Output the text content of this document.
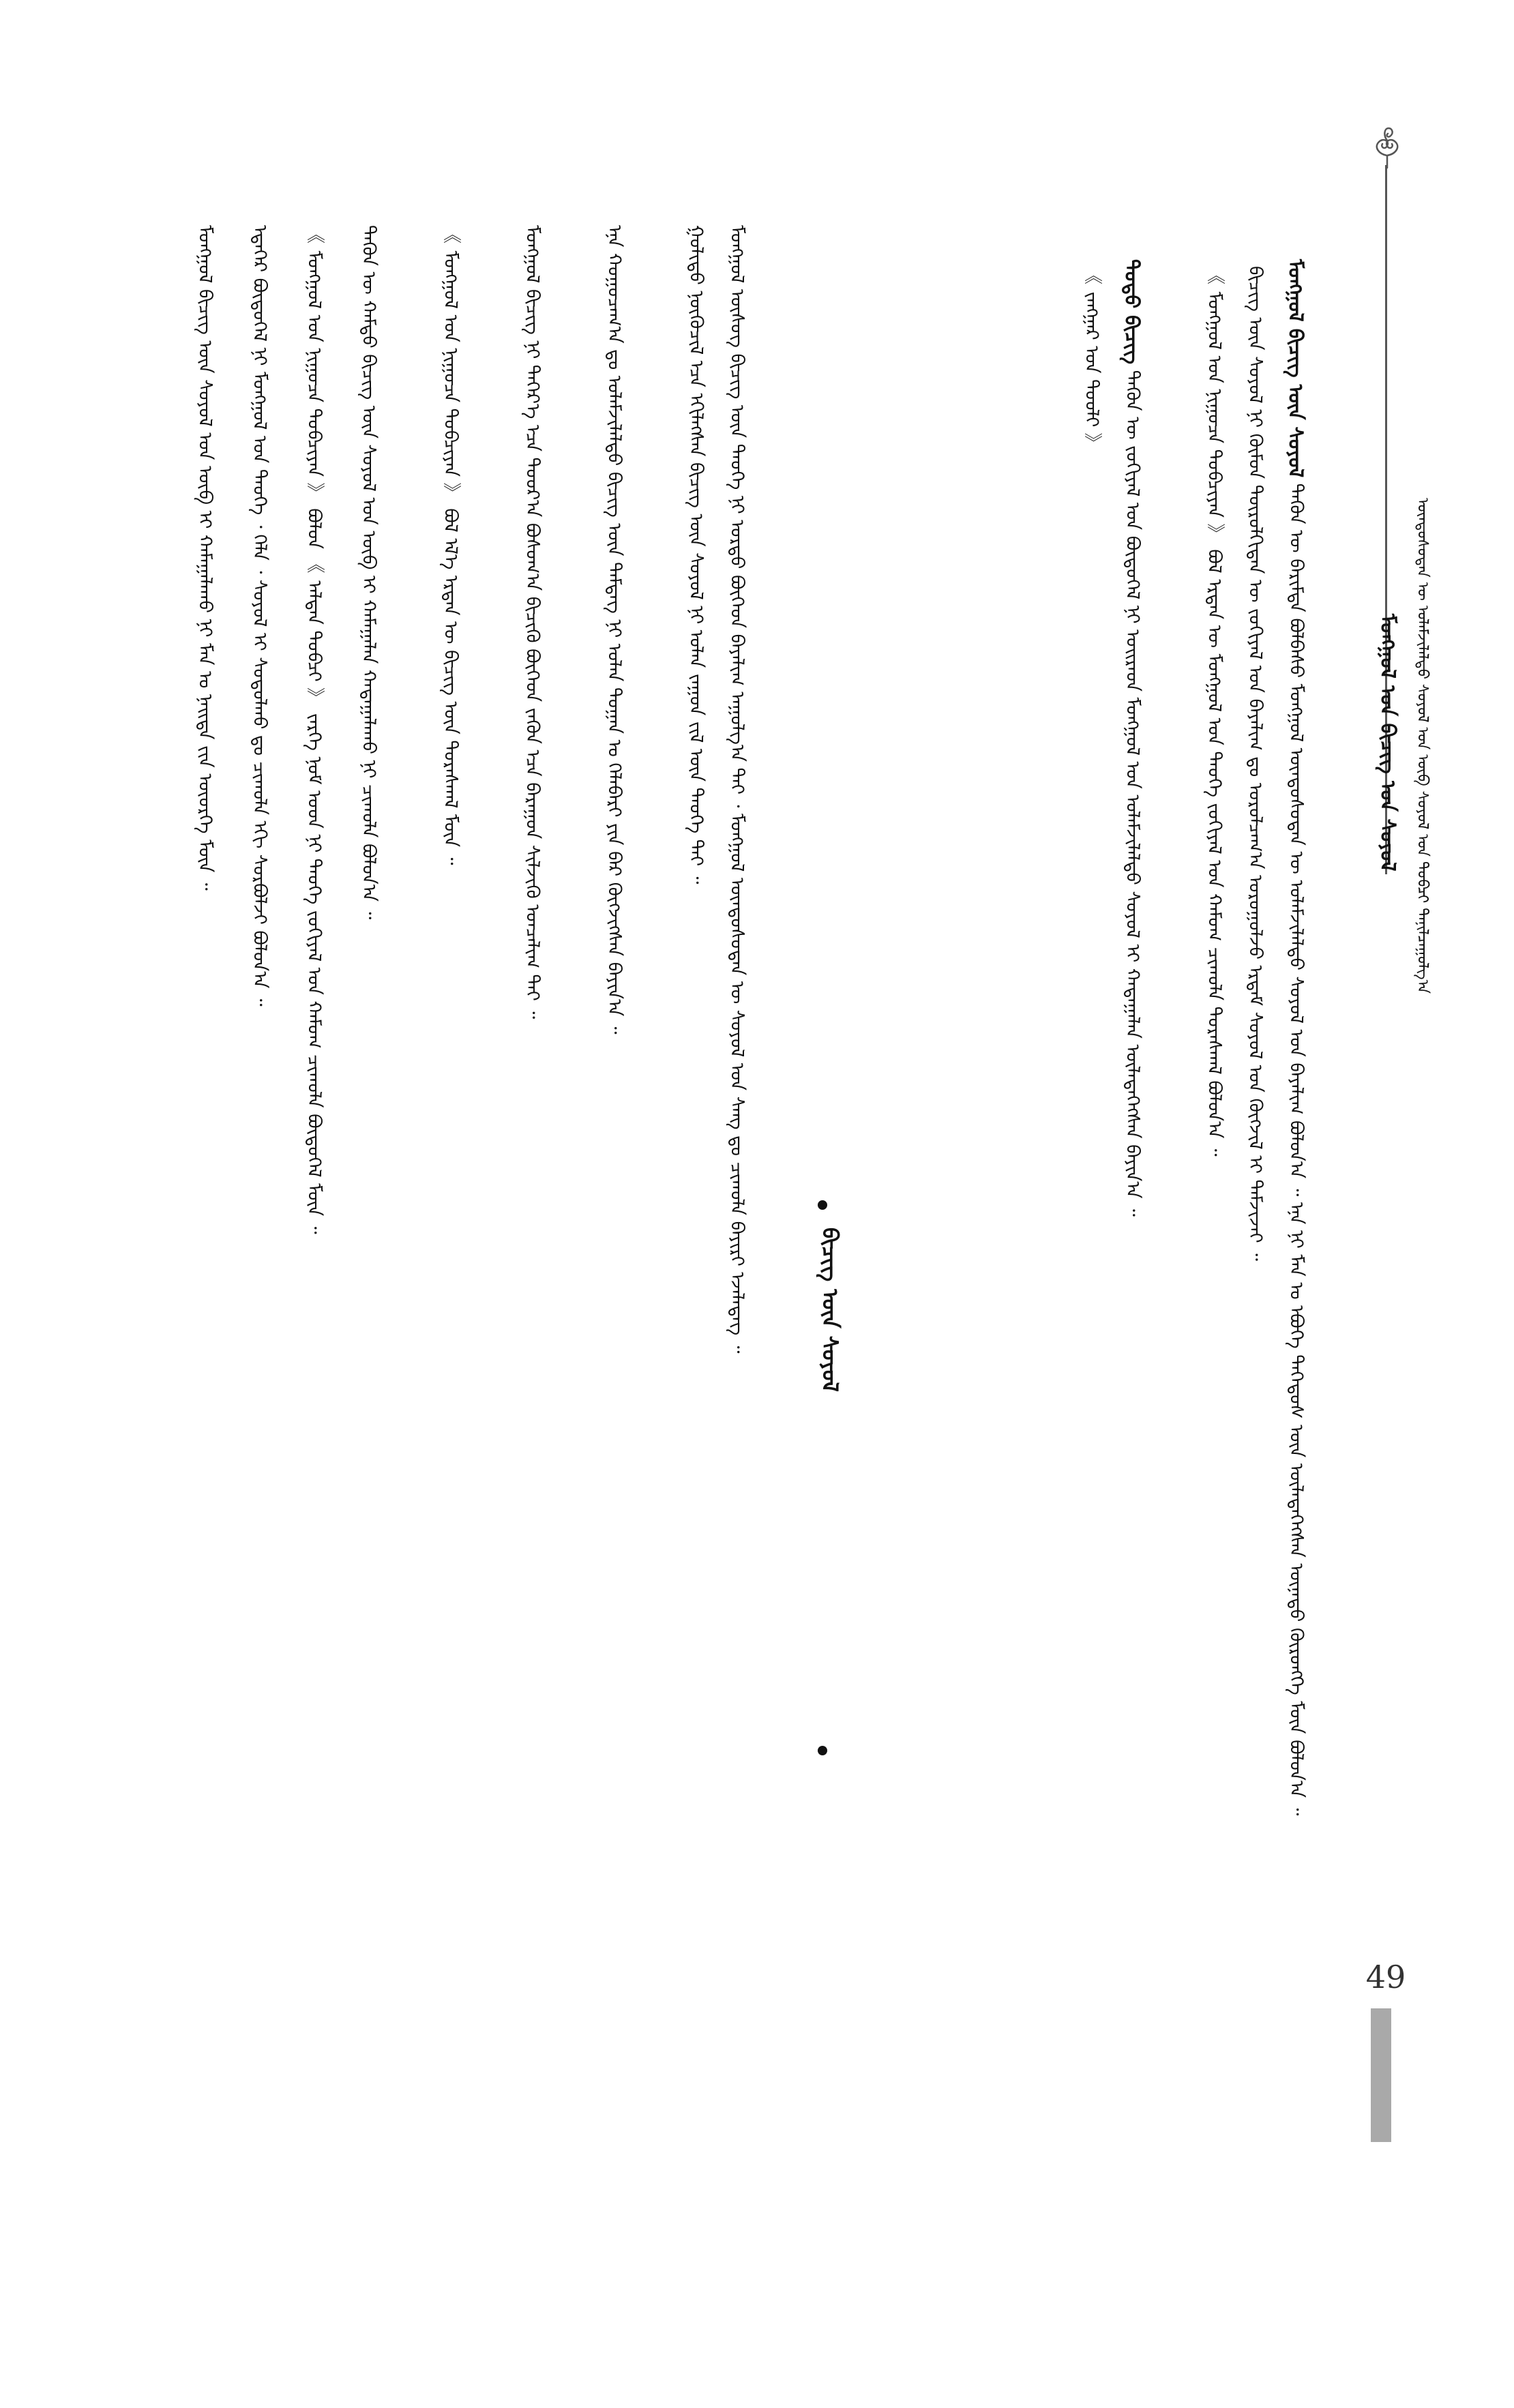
ᠮᠣᠩᠭᠣᠯ ᠤᠨ ᠪᠢᠴᠢᠭ ᠤᠨ ᠰᠤᠶᠤᠯ ᠦᠨᠳᠦᠰᠦᠲᠡᠨ ᠦ ᠤᠯᠠᠮᠵᠢᠯᠠᠯᠲᠤ ᠰᠤᠶᠤᠯ ᠤᠨ ᠥᠪ ᠰᠣᠶᠣᠯ ᠤᠨ ᠲᠣᠪᠴᠢ ᠲᠠᠨᠢᠯᠴᠠᠭᠤᠯᠭ᠎ᠠ
ᠮᠣᠩᠭᠣᠯ ᠪᠢᠴᠢᠭ ᠦᠨ ᠰᠣᠶᠣᠯ ᠲᠡᠭᠦᠨ ᠦ ᠪᠠᠷᠢᠮᠲᠠ ᠪᠣᠯᠪᠠᠰᠤ ᠮᠣᠩᠭᠣᠯ ᠦᠨᠳᠦᠰᠦᠲᠡᠨ ᠦ ᠤᠯᠠᠮᠵᠢᠯᠠᠯᠲᠤ ᠰᠣᠶᠣᠯ ᠤᠨ ᠪᠠᠶᠠᠯᠢᠭ ᠪᠣᠯᠤᠨ᠎ᠠ ᠃ ᠡᠨᠡ ᠨᠢ ᠮᠠᠨ ᠤ ᠡᠪᠦᠭᠡ ᠳᠡᠭᠡᠳᠦᠰ ᠦᠨ ᠦᠯᠡᠳᠡᠭᠡᠭᠰᠡᠨ ᠦᠨᠡᠲᠦ ᠬᠥᠷᠦᠩᠭᠡ ᠮᠥᠨ ᠪᠣᠯᠤᠨ᠎ᠠ ᠃
ᠪᠢᠴᠢᠭ ᠦᠨ ᠰᠣᠶᠣᠯ ᠨᠢ ᠬᠦᠮᠦᠨ ᠲᠥᠷᠥᠯᠬᠢᠲᠡᠨ ᠦ ᠵᠣᠬᠢᠶᠠᠯ ᠤᠨ ᠪᠠᠶᠠᠯᠢᠭ ᠳᠤ ᠣᠷᠤᠯᠴᠠᠭ᠎ᠠ ᠣᠷᠣᠭᠤᠯᠵᠤ ᠡᠷᠳᠡᠮ ᠰᠣᠶᠣᠯ ᠤᠨ ᠬᠥᠭᠵᠢᠯ ᠢ ᠳᠡᠮᠵᠢᠵᠡᠢ ᠃
《 ᠮᠣᠩᠭᠣᠯ ᠤᠨ ᠨᠢᠭᠤᠴᠠ ᠲᠣᠪᠴᠢᠶᠠᠨ 》 ᠪᠣᠯ ᠡᠷᠲᠡᠨ ᠦ ᠮᠣᠩᠭᠣᠯ ᠤᠨ ᠲᠡᠦᠬᠡ ᠵᠣᠬᠢᠶᠠᠯ ᠤᠨ ᠬᠠᠮᠤᠭ ᠴᠢᠬᠤᠯᠠ ᠳᠤᠷᠠᠰᠬᠠᠯ ᠪᠣᠯᠤᠨ᠎ᠠ ᠃
ᠲᠣᠳᠣ ᠪᠢᠴᠢᠭ ᠲᠡᠭᠦᠨ ᠦ ᠵᠣᠬᠢᠶᠠᠯ ᠤᠨ ᠪᠦᠲᠦᠭᠡᠯ ᠨᠢ ᠣᠢᠷᠠᠳ ᠮᠣᠩᠭᠣᠯ ᠤᠨ ᠤᠯᠠᠮᠵᠢᠯᠠᠯᠲᠤ ᠰᠣᠶᠣᠯ ᠢ ᠬᠠᠳᠠᠭᠠᠯᠠᠨ ᠦᠯᠡᠳᠡᠭᠡᠭᠰᠡᠨ ᠪᠠᠶᠢᠨ᠎ᠠ ᠃
《 ᠵᠠᠩᠭᠠᠷ ᠤᠨ ᠲᠤᠤᠯᠢ 》
ᠪᠢᠴᠢᠭ ᠦᠨ ᠰᠣᠶᠣᠯ
ᠮᠣᠩᠭᠣᠯ ᠦᠰᠦᠭ ᠪᠢᠴᠢᠭ ᠦᠨ ᠲᠡᠦᠬᠡ ᠨᠢ ᠤᠷᠲᠤ ᠪᠥᠭᠡᠳ ᠪᠠᠶᠠᠯᠢᠭ ᠠᠭᠤᠯᠭ᠎ᠠ ᠲᠠᠢ ᠂ ᠮᠣᠩᠭᠣᠯ ᠦᠨᠳᠦᠰᠦᠲᠡᠨ ᠦ ᠰᠣᠶᠣᠯ ᠤᠨ ᠰᠠᠩ ᠳᠤ ᠴᠢᠬᠤᠯᠠ ᠪᠠᠶᠢᠷᠢ ᠡᠵᠡᠯᠡᠳᠡᠭ ᠃
ᠭᠤᠯᠢᠳᠤ ᠨᠦᠭᠦᠴᠢᠯ ᠡᠴᠡ ᠡᠬᠢᠯᠡᠭᠰᠡᠨ ᠪᠢᠴᠢᠭ ᠦᠨ ᠰᠣᠶᠣᠯ ᠨᠢ ᠣᠯᠠᠨ ᠵᠠᠭᠤᠨ ᠵᠢᠯ ᠦᠨ ᠲᠡᠦᠬᠡ ᠲᠠᠢ ᠃
ᠡᠨᠡ ᠬᠤᠭᠤᠴᠠᠭ᠎ᠠ ᠳᠤ ᠤᠯᠠᠮᠵᠢᠯᠠᠯᠲᠤ ᠪᠢᠴᠢᠭ ᠦᠨ ᠲᠡᠮᠳᠡᠭ ᠨᠢ ᠣᠯᠠᠨ ᠲᠣᠭᠠᠨ ᠤ ᠬᠡᠯᠡᠪᠡᠷᠢ ᠶᠢᠨ ᠪᠠᠷ ᠬᠥᠭᠵᠢᠭᠰᠡᠨ ᠪᠠᠶᠢᠨ᠎ᠠ ᠃
ᠮᠣᠩᠭᠣᠯ ᠪᠢᠴᠢᠭ ᠨᠢ ᠳᠡᠭᠡᠷ᠎ᠡ ᠡᠴᠡ ᠳᠣᠣᠷ᠎ᠠ ᠪᠣᠰᠣᠭ᠎ᠠ ᠪᠢᠴᠢᠬᠦ ᠪᠥᠭᠡᠳ ᠵᠡᠭᠦᠨ ᠡᠴᠡ ᠪᠠᠷᠠᠭᠤᠨ ᠰᠢᠯᠵᠢᠬᠦ ᠣᠨᠴᠠᠯᠢᠭ ᠲᠠᠢ ᠃
《 ᠮᠣᠩᠭᠣᠯ ᠤᠨ ᠨᠢᠭᠤᠴᠠ ᠲᠣᠪᠴᠢᠶᠠᠨ 》 ᠪᠣᠯ ᠡᠯ᠎ᠡ ᠡᠷᠲᠡᠨ ᠦ ᠪᠢᠴᠢᠭ ᠦᠨ ᠳᠤᠷᠠᠰᠬᠠᠯ ᠮᠥᠨ ᠃
ᠲᠡᠭᠦᠨ ᠦ ᠬᠠᠮᠲᠤ ᠪᠢᠴᠢᠭ ᠦᠨ ᠰᠣᠶᠣᠯ ᠤᠨ ᠥᠪ ᠢ ᠬᠠᠮᠠᠭᠠᠯᠠᠨ ᠬᠠᠳᠠᠭᠠᠯᠠᠬᠤ ᠨᠢ ᠴᠢᠬᠤᠯᠠ ᠪᠣᠯᠤᠨ᠎ᠠ ᠃
《 ᠮᠣᠩᠭᠣᠯ ᠤᠨ ᠨᠢᠭᠤᠴᠠ ᠲᠣᠪᠴᠢᠶᠠᠨ 》 ᠪᠣᠯᠤᠨ 《 ᠠᠯᠲᠠᠨ ᠲᠣᠪᠴᠢ 》 ᠵᠡᠷᠭᠡ ᠨᠣᠮ ᠤᠳ ᠨᠢ ᠲᠡᠦᠬᠡ ᠵᠣᠬᠢᠶᠠᠯ ᠤᠨ ᠬᠠᠮᠤᠭ ᠴᠢᠬᠤᠯᠠ ᠪᠦᠲᠦᠭᠡᠯ ᠮᠥᠨ ᠃
ᠡᠳᠡᠭᠡᠷ ᠪᠦᠲᠦᠭᠡᠯ ᠨᠢ ᠮᠣᠩᠭᠣᠯ ᠤᠨ ᠲᠡᠦᠬᠡ ᠂ ᠬᠡᠯᠡ ᠂ ᠰᠣᠶᠣᠯ ᠢ ᠰᠤᠳᠤᠯᠬᠤ ᠳᠤ ᠴᠢᠬᠤᠯᠠ ᠡᠬᠢ ᠰᠤᠷᠪᠤᠯᠵᠢ ᠪᠣᠯᠤᠨ᠎ᠠ ᠃
ᠮᠣᠩᠭᠣᠯ ᠪᠢᠴᠢᠭ ᠦᠨ ᠰᠣᠶᠣᠯ ᠤᠨ ᠥᠪ ᠢ ᠬᠠᠮᠠᠭᠠᠯᠠᠬᠤ ᠨᠢ ᠮᠠᠨ ᠤ ᠨᠡᠢᠲᠡ ᠵᠢᠨ ᠦᠦᠷᠭᠡ ᠮᠥᠨ ᠃
49
